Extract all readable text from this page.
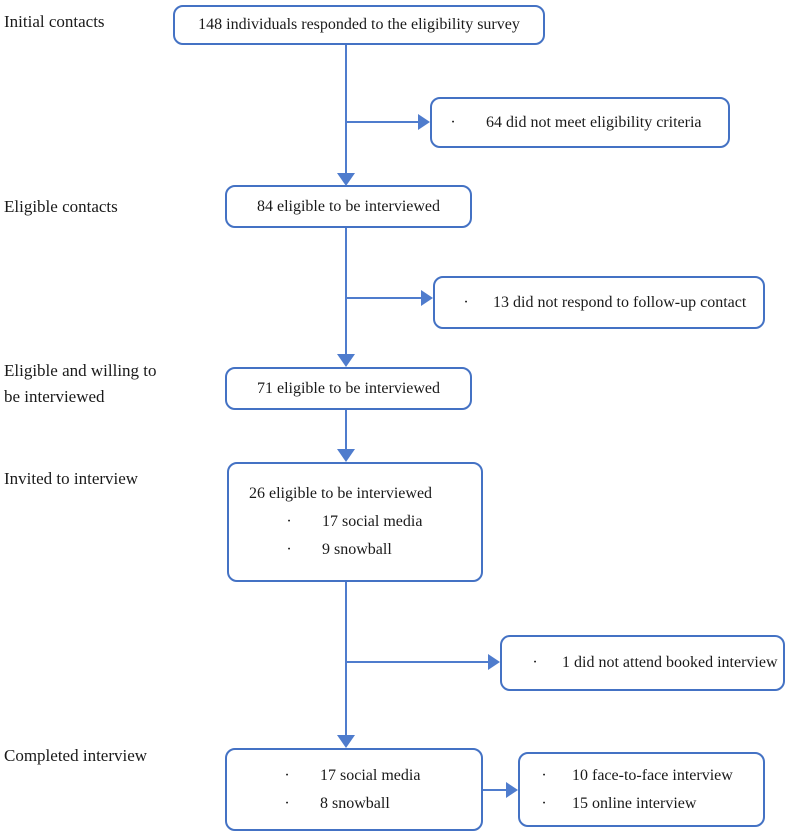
Initial contacts
Eligible contacts
Eligible and willing to
be interviewed
Invited to interview
Completed interview
148 individuals responded to the eligibility survey
· 64 did not meet eligibility criteria
84 eligible to be interviewed
· 13 did not respond to follow-up contact
71 eligible to be interviewed
26 eligible to be interviewed
· 17 social media
· 9 snowball
· 1 did not attend booked interview
· 17 social media
· 8 snowball
· 10 face-to-face interview
· 15 online interview
